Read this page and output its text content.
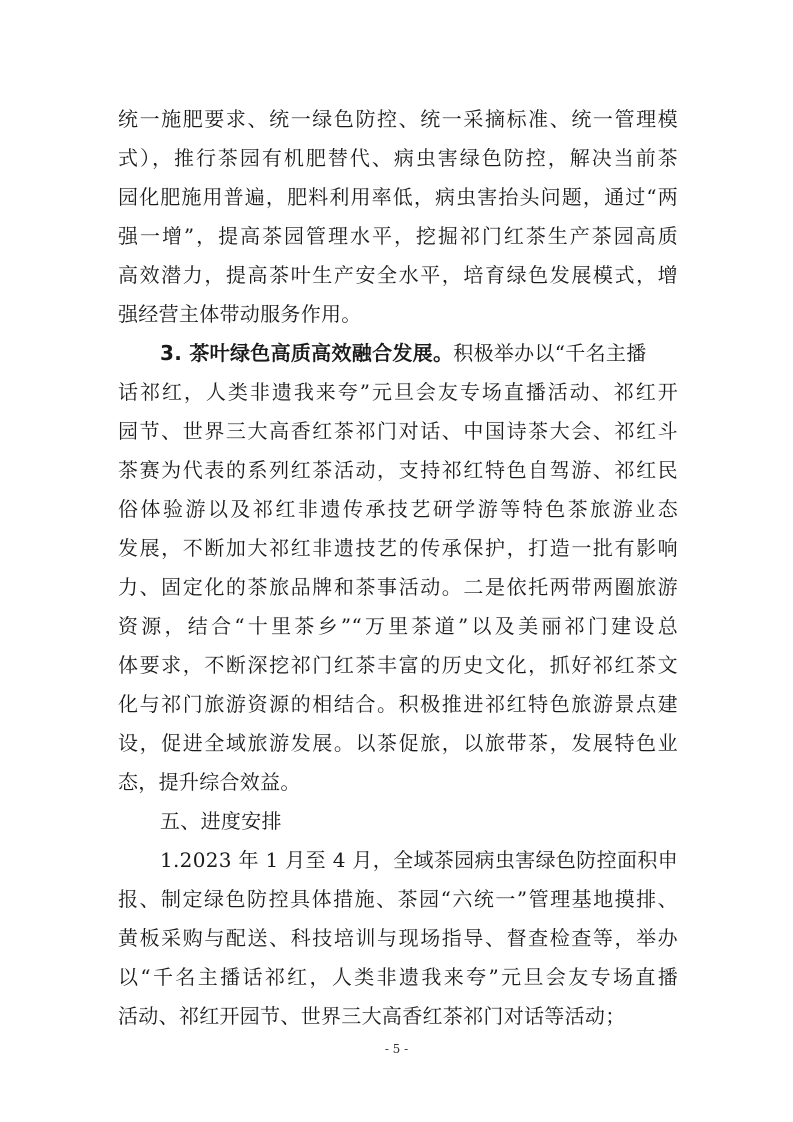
统一施肥要求、统一绿色防控、统一采摘标准、统一管理模
式），推行茶园有机肥替代、病虫害绿色防控，解决当前茶
园化肥施用普遍，肥料利用率低，病虫害抬头问题，通过“两
强一增”，提高茶园管理水平，挖掘祁门红茶生产茶园高质
高效潜力，提高茶叶生产安全水平，培育绿色发展模式，增
强经营主体带动服务作用。
3. 茶叶绿色高质高效融合发展。积极举办以“千名主播
话祁红，人类非遗我来夸”元旦会友专场直播活动、祁红开
园节、世界三大高香红茶祁门对话、中国诗茶大会、祁红斗
茶赛为代表的系列红茶活动，支持祁红特色自驾游、祁红民
俗体验游以及祁红非遗传承技艺研学游等特色茶旅游业态
发展，不断加大祁红非遗技艺的传承保护，打造一批有影响
力、固定化的茶旅品牌和茶事活动。二是依托两带两圈旅游
资源，结合“十里茶乡”“万里茶道”以及美丽祁门建设总
体要求，不断深挖祁门红茶丰富的历史文化，抓好祁红茶文
化与祁门旅游资源的相结合。积极推进祁红特色旅游景点建
设，促进全域旅游发展。以茶促旅，以旅带茶，发展特色业
态，提升综合效益。
五、进度安排
1.2023 年 1 月至 4 月，全域茶园病虫害绿色防控面积申
报、制定绿色防控具体措施、茶园“六统一”管理基地摸排、
黄板采购与配送、科技培训与现场指导、督查检查等，举办
以“千名主播话祁红，人类非遗我来夸”元旦会友专场直播
活动、祁红开园节、世界三大高香红茶祁门对话等活动；
- 5 -
